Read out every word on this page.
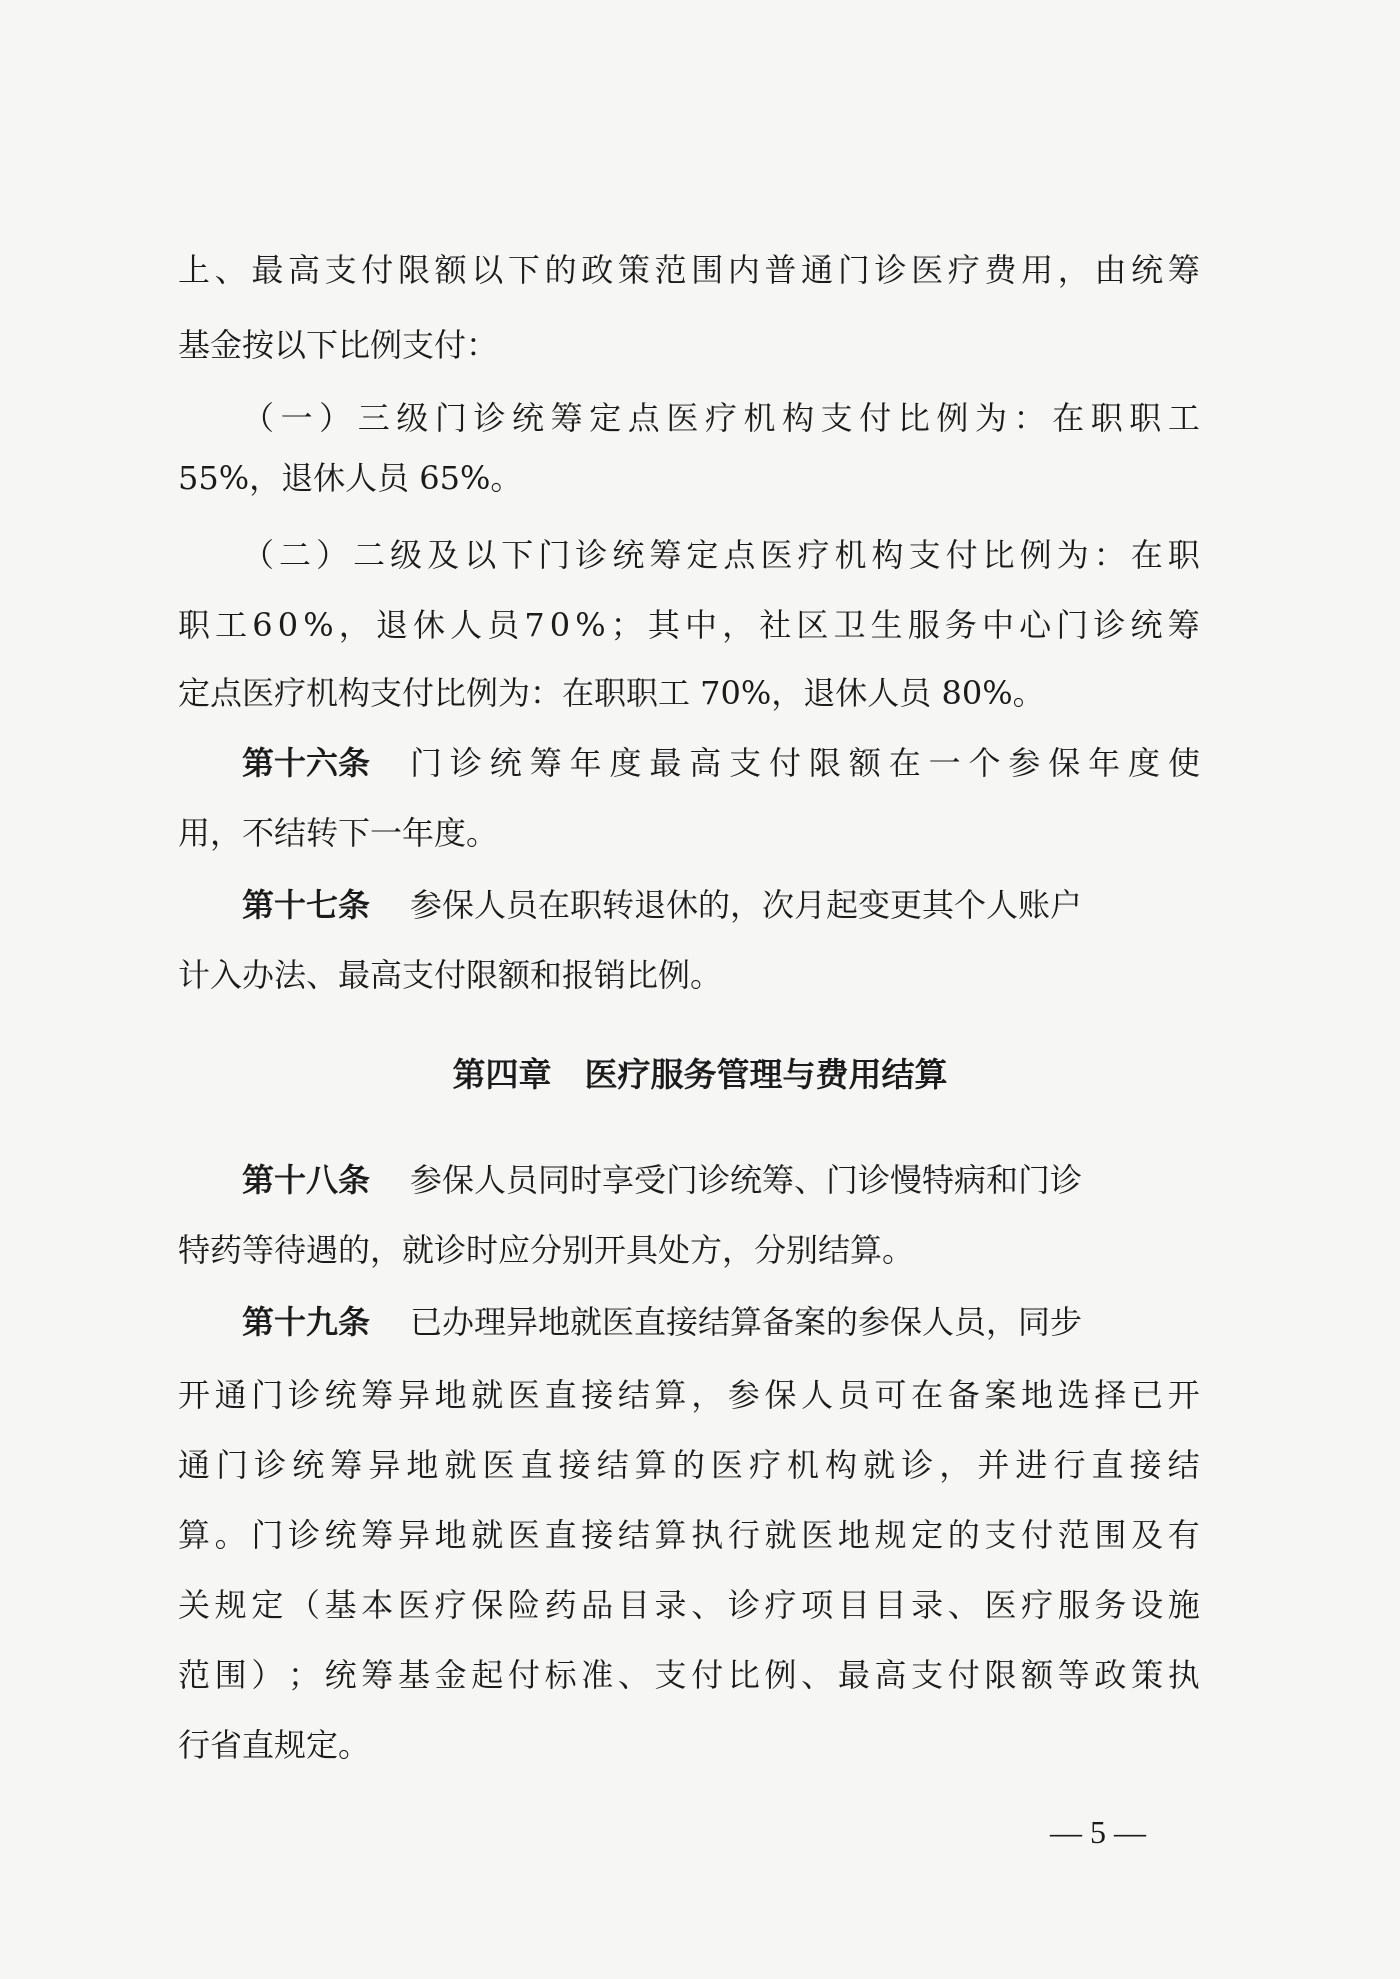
上 、 最 高 支 付 限 额 以 下 的 政 策 范 围 内 普 通 门 诊 医 疗 费 用 ， 由 统 筹
基金按以下比例支付：
（ 一 ） 三 级 门 诊 统 筹 定 点 医 疗 机 构 支 付 比 例 为 ： 在 职 职 工
55%，退休人员 65%。
（ 二 ） 二 级 及 以 下 门 诊 统 筹 定 点 医 疗 机 构 支 付 比 例 为 ： 在 职
职 工 6 0 % ， 退 休 人 员 7 0 % ； 其 中 ， 社 区 卫 生 服 务 中 心 门 诊 统 筹
定点医疗机构支付比例为：在职职工 70%，退休人员 80%。
第十六条 门 诊 统 筹 年 度 最 高 支 付 限 额 在 一 个 参 保 年 度 使
用，不结转下一年度。
第十七条 参保人员在职转退休的，次月起变更其个人账户
计入办法、最高支付限额和报销比例。
第四章　医疗服务管理与费用结算
第十八条 参保人员同时享受门诊统筹、门诊慢特病和门诊
特药等待遇的，就诊时应分别开具处方，分别结算。
第十九条 已办理异地就医直接结算备案的参保人员，同步
开 通 门 诊 统 筹 异 地 就 医 直 接 结 算 ， 参 保 人 员 可 在 备 案 地 选 择 已 开
通 门 诊 统 筹 异 地 就 医 直 接 结 算 的 医 疗 机 构 就 诊 ， 并 进 行 直 接 结
算 。 门 诊 统 筹 异 地 就 医 直 接 结 算 执 行 就 医 地 规 定 的 支 付 范 围 及 有
关 规 定 （ 基 本 医 疗 保 险 药 品 目 录 、 诊 疗 项 目 目 录 、 医 疗 服 务 设 施
范 围 ） ； 统 筹 基 金 起 付 标 准 、 支 付 比 例 、 最 高 支 付 限 额 等 政 策 执
行省直规定。
— 5 —
